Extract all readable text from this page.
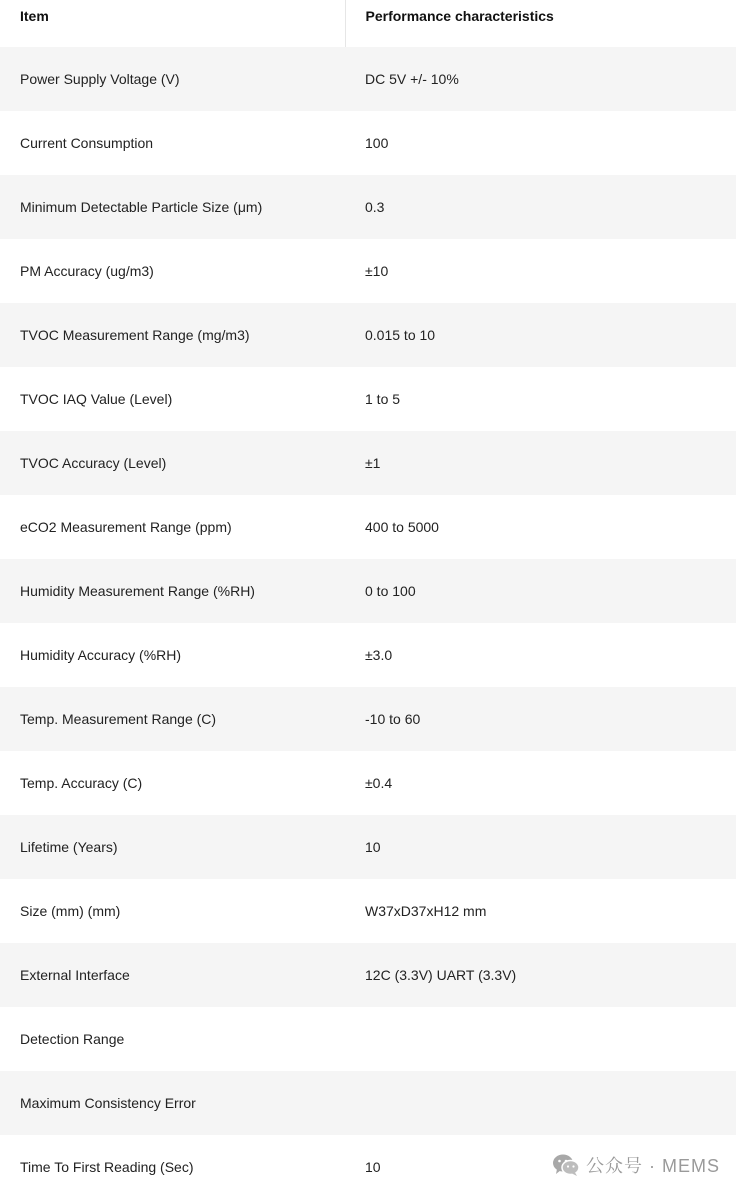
Item	Performance characteristics
Power Supply Voltage (V)	DC 5V +/- 10%
Current Consumption	100
Minimum Detectable Particle Size (μm)	0.3
PM Accuracy (ug/m3)	±10
TVOC Measurement Range (mg/m3)	0.015 to 10
TVOC IAQ Value (Level)	1 to 5
TVOC Accuracy (Level)	±1
eCO2 Measurement Range (ppm)	400 to 5000
Humidity Measurement Range (%RH)	0 to 100
Humidity Accuracy (%RH)	±3.0
Temp. Measurement Range (C)	-10 to 60
Temp. Accuracy (C)	±0.4
Lifetime (Years)	10
Size (mm) (mm)	W37xD37xH12 mm
External Interface	12C (3.3V) UART (3.3V)
Detection Range	
Maximum Consistency Error	
Time To First Reading (Sec)	10	公众号 · MEMS
